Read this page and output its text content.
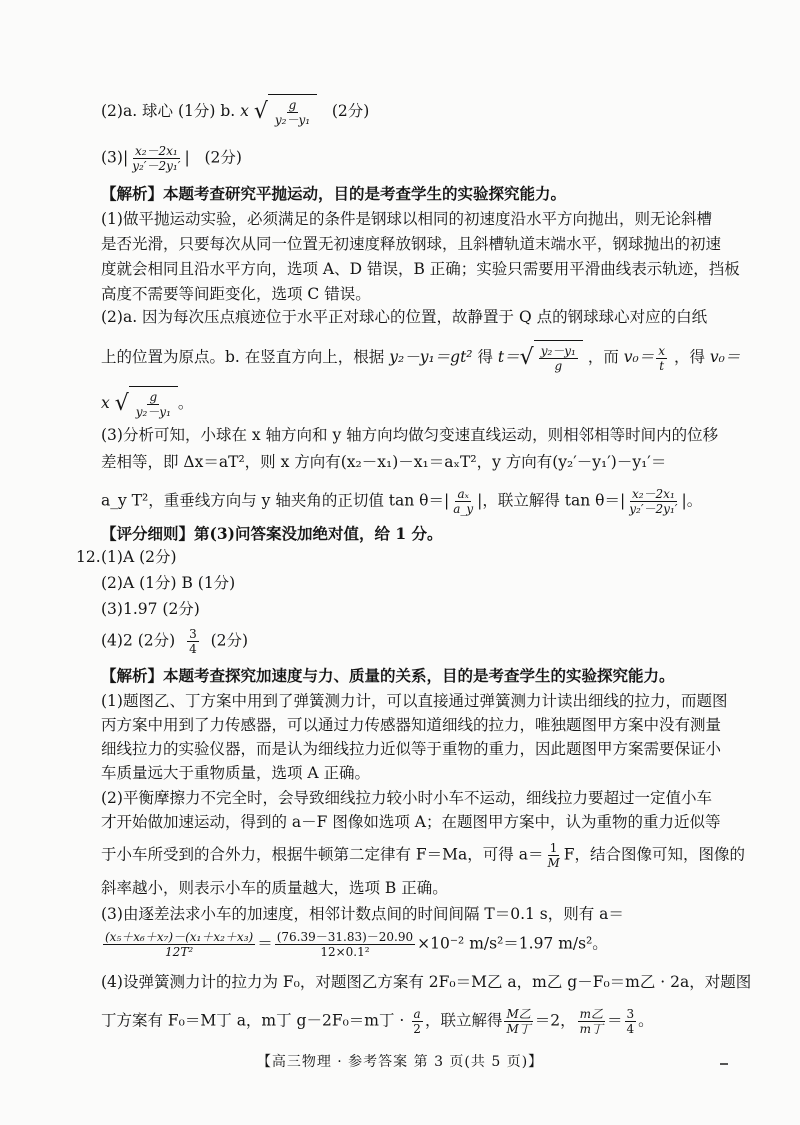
(2)a. 球心 (1分) b. x √ $\frac{g}{\text{y₂－y₁}} (2$分)
$(3)| \frac{\text{x₂－2x₁}}{\text{y₂′－2y₁′}}$ |   (2分)
【解析】本题考查研究平抛运动，目的是考查学生的实验探究能力。
(1)做平抛运动实验，必须满足的条件是钢球以相同的初速度沿水平方向抛出，则无论斜槽
是否光滑，只要每次从同一位置无初速度释放钢球，且斜槽轨道末端水平，钢球抛出的初速
度就会相同且沿水平方向，选项 A、D 错误，B 正确；实验只需要用平滑曲线表示轨迹，挡板
高度不需要等间距变化，选项 C 错误。
(2)a. 因为每次压点痕迹位于水平正对球心的位置，故静置于 Q 点的钢球球心对应的白纸
上的位置为原点。b. 在竖直方向上，根据 y₂－y₁＝gt² 得 t＝ √ $\frac{\text{y₂－y₁}}{g}$ ，而 $v_0= \frac{x}{t}$ ，得 v₀＝
x √ $\frac{g}{\text{y₂－y₁}}$ 。
(3)分析可知，小球在 x 轴方向和 y 轴方向均做匀变速直线运动，则相邻相等时间内的位移
差相等，即 Δx＝aT²，则 x 方向有(x₂－x₁)－x₁＝aₓT²，y 方向有(y₂′－y₁′)－y₁′＝
a_y T²，重垂线方向与 y 轴夹角的正切值 $\tan \theta=| \frac{\text{aₓ}}{a\_y}$ |，联立解得 $\tan \theta=| \frac{\text{x₂－2x₁}}{\text{y₂′－2y₁′}}$ |。
【评分细则】第(3)问答案没加绝对值，给 1 分。
12. (1)A (2分)
(2)A (1分) B (1分)
(3)1.97 (2分)
(4)2 (2分) $\frac{3}{4} (2$分)
【解析】本题考查探究加速度与力、质量的关系，目的是考查学生的实验探究能力。
(1)题图乙、丁方案中用到了弹簧测力计，可以直接通过弹簧测力计读出细线的拉力，而题图
丙方案中用到了力传感器，可以通过力传感器知道细线的拉力，唯独题图甲方案中没有测量
细线拉力的实验仪器，而是认为细线拉力近似等于重物的重力，因此题图甲方案需要保证小
车质量远大于重物质量，选项 A 正确。
(2)平衡摩擦力不完全时，会导致细线拉力较小时小车不运动，细线拉力要超过一定值小车
才开始做加速运动，得到的 a－F 图像如选项 A；在题图甲方案中，认为重物的重力近似等
于小车所受到的合外力，根据牛顿第二定律有 F＝Ma，可得 $a= \frac{1}{M}$ F，结合图像可知，图像的
斜率越小，则表示小车的质量越大，选项 B 正确。
(3)由逐差法求小车的加速度，相邻计数点间的时间间隔 T＝0.1 s，则有 a＝
$\frac{\text{(x₅＋x₆＋x₇)－(x₁＋x₂＋x₃)}}{\text{12T²}} = \frac{(76.39-31.83)-20.90}{\text{12×0.1²}} \times 10^{-2}$ m/s²＝1.97 m/s²。
(4)设弹簧测力计的拉力为 F₀，对题图乙方案有 2F₀＝M乙 a，m乙 g－F₀＝m乙 · 2a，对题图
丁方案有 F₀＝M丁 a，m丁 g－2F₀＝m丁 · $\frac{a}{2}$ ，联立解得 $\frac{\text{M乙}}{\text{M丁}} =2$， $\frac{\text{m乙}}{\text{m丁}} = \frac{3}{4}$ 。
【高三物理 · 参考答案 第 3 页(共 5 页)】
